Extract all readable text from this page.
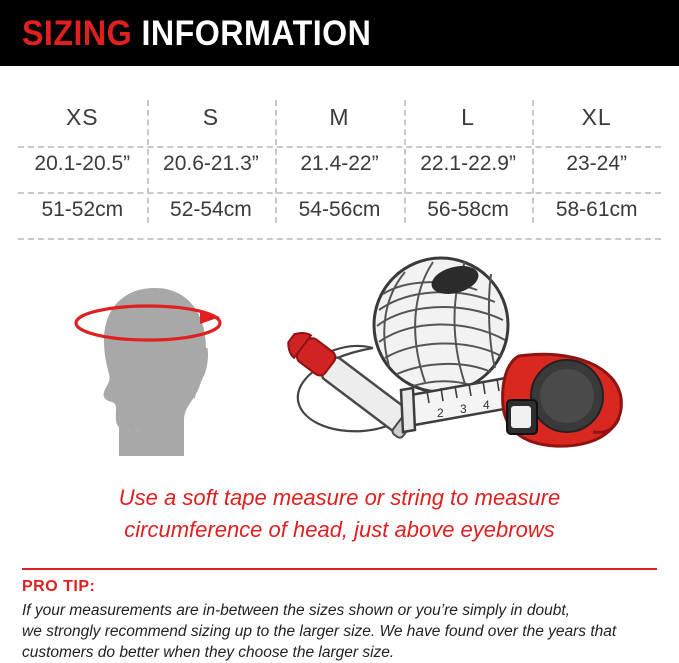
SIZING INFORMATION
XS
20.1-20.5”
51-52cm
S
20.6-21.3”
52-54cm
M
21.4-22”
54-56cm
L
22.1-22.9”
56-58cm
XL
23-24”
58-61cm
2 3 4
Use a soft tape measure or string to measure
circumference of head, just above eyebrows
PRO TIP:
If your measurements are in-between the sizes shown or you’re simply in doubt,
we strongly recommend sizing up to the larger size. We have found over the years that
customers do better when they choose the larger size.
